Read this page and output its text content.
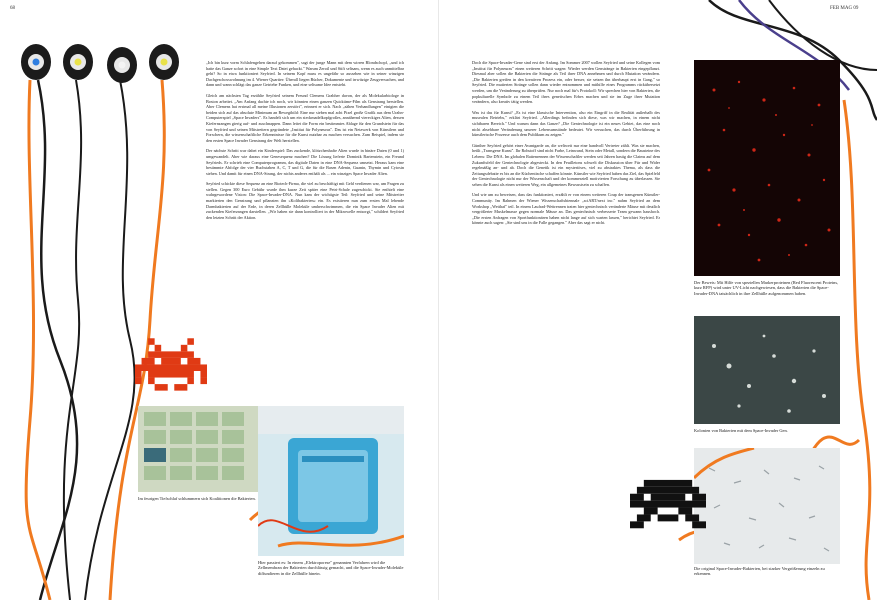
68
Im feurigen Tiefschlaf schlummern sich Koalitionen die Bakterien.
Hier passiert es: In einem „Elektroporese" genannten Verfahren wird die Zellmembran der Bakterien durchlässig gemacht, und die Space-Invader-Moleküle diffundieren in die Zellhülle hinein.

„Ich bin kurz vorm Schlafengehen darauf gekommen", sagt der junge Mann mit dem wirren Blondschopf, „und ich hatte das Ganze sofort in eine Simple Text Datei gehackt." Warum Zeroil und Stift seltsam, wenn es auch unmittelbar geht? So in etwa funktioniert Seyfried. In seinem Kopf muss es ungefähr so aussehen wie in seiner winzigen Dachgeschosswohnung im 4. Wiener Quartier: Überall liegen Bücher, Dokumente und irrwitzige Zeugversuchen, und dann und wann schlägt das ganze Getriebe Funken, und eine seltsame Idee entsteht.

Gleich am nächsten Tag erzählte Seyfried seinem Freund Clemens Grabher davon, der als Molekularbiologe in Boston arbeitet. „Am Anfang dachte ich noch, wir könnten einen ganzen Quicktime-Film als Genstrang herstellen. Aber Clemens hat erstmal all meine Illusionen zerstört", erinnert er sich. Nach „zähen Verhandlungen" einigten die beiden sich auf das absolute Minimum an Bewegtbild: Eine nur sieben mal acht Pixel große Grafik aus dem Urahn-Computerspiel „Space Invaders". Es handelt sich um ein steckmadelkopfgroßes, annähernd viereckiges Alien, dessen Kiefernzangen gierig auf- und zuschnappen. Dann leitet die Form ein bestimmtes Ablage für den Grundstein für das von Seyfried und seinen Mitstreitern gegründete „Institut für Polyneuras". Das ist ein Netzwerk von Künstlern und Forschern, die wissenschaftliche Erkenntnisse für die Kunst nutzbar zu machen versuchen. Zum Beispiel, indem sie den ersten Space Invader Genstrang der Welt herstellen.

Der nächste Schritt war dabei ein Kinderspiel: Das zuckende, klötzchenhafte Alien wurde in binäre Daten (0 und 1) umgewandelt. Aber wie daraus eine Genesequenz machen? Die Lösung lieferte Dominik Bartenstein, ein Freund Seyfrieds. Er schrieb eine Computerprogramm, das digitale Daten in eine DNA-Sequenz umsetzt. Heraus kam eine bestimmte Abfolge der vier Buchstaben A, C, T und G, die für die Basen Adenin, Guanin, Thymin und Cytosin stehen. Und damit für einen DNA-Strang, der nichts anderes enthält als ... ein winziges Space Invader Alien.

Seyfried schickte diese Sequenz an eine Biotech-Firma, die viel zu beschäftigt mit Geld verdienen war, um Fragen zu stellen. Gegen 300 Euro Gebühr wurde ihm kurze Zeit später eine Petri-Schale zugeschickt. Sie enthielt eine wahrgewordene Vision: Die Space-Invader-DNA. Nun kam der wichtigste Teil: Seyfried und seine Mitstreiter markierten den Genstrang und pflanzten ihn »Kolibakterien« ein. Es existieren nun zum ersten Mal lebende Darmbakterien auf der Erde, in deren Zellhülle Moleküle umherschwimmen, die ein Space Invader Alien mit zuckenden Kieferzangen darstellen. „Wir haben sie dann kontrolliert in der Mikrowelle entsorgt," schildert Seyfried den letzten Schritt der Aktion.

FEB MAG 09
Der Beweis: Mit Hilfe von speziellen Markerproteinen (Red Fluorescent Proteins, kurz RFP) wird unter UV-Licht nachgewiesen, dass die Bakterien die Space-Invader-DNA tatsächlich in ihre Zellhülle aufgenommen haben.
Kolonien von Bakterien mit dem Space-Invader Gen.
Die original Space-Invader-Bakterien, bei starker Vergrößerung einzeln zu erkennen.

Doch die Space-Invader-Gene sind erst der Anfang. Im Sommer 2007 wollen Seyfried und seine Kollegen vom „Institut für Polyneuras" einen weiteren Schritt wagen: Wieder werden Genstränge in Bakterien eingepflanzt. Diesmal aber sollen die Bakterien die Stränge als Teil ihrer DNA annehmen und durch Mutation verändern. „Die Bakterien greifen in den kreativen Prozess ein, oder besser, sie setzen ihn überhaupt erst in Gang," so Seyfried. Die mutierten Stränge sollen dann wieder entnommen und mithilfe eines Programms rückübersetzt werden, um die Veränderung zu überprüfen. Nur noch mal für's Protokoll: Wir sprechen hier von Bakterien, die popkulturelle Symbole zu einem Teil ihres genetischen Erbes machen und sie im Zuge ihrer Mutation verändern, also kreativ tätig werden.

Was ist das für Kunst? „Es ist eine klassische Intervention, also ein Eingriff in die Realität außerhalb des musealen Betriebs," erklärt Seyfried. „Allerdings befinden sich diese, was wir machen, in einem nicht sichtbaren Bereich." Und warum dann das Ganze? „Die Gentechnologie ist ein neues Gebiet, das eine noch nicht absehbare Veränderung unserer Lebensumstände bedeutet. Wir versuchen, das durch Überführung in künstlerische Prozesse auch dem Publikum zu zeigen."

Günther Seyfried gehört einer Avantgarde an, die weltweit nur eine handvoll Vertreter zählt. Was sie machen, heißt „Transgene Kunst". Ihr Rohstoff sind nicht Farbe, Leinwand, Stein oder Metall, sondern die Bausteine des Lebens: Die DNA. Im globalen Rattenrennen der Wissenschaftler werden seit Jahren hastig die Claims auf dem Zukunftsfeld der Gentechnologie abgesteckt. In den Feuilletons schwelt die Diskussion über Für und Wider regelmäßig an- und ab. Doch die Genetik ist ein mysteriöses, viel zu abstraktes Thema, als dass die Zeitungsdebatte es bis an die Küchentische schaffen könnte. Künstler wie Seyfried haben das Ziel, das Spielfeld der Gentechnologie nicht nur der Wissenschaft und der kommerziell motivierten Forschung zu überlassen. Sie sehen die Kunst als einen weiteren Weg, ein allgemeines Bewusstsein zu schaffen.

Und wie um zu beweisen, dass das funktioniert, erzählt er von einem weiteren Coup der transgenen Künstler-Community. Im Rahmen der Wiener Wissenschaftsbiennale „sciART/next inc." nahm Seyfried an dem Workshop „Wetthaf" teil. In einem Laufrad-Wettrennen traten hier gentechnisch veränderte Mäuse mit deutlich vergrößerter Muskelmasse gegen normale Mäuse an. Das gentechnisch verbesserte Team gewann haushoch. „Die ersten Anfragen von Sportfunktionären haben nicht lange auf sich warten lassen," berichtet Seyfried. Er könnte auch sagen: „Sie sind uns in die Falle gegangen." Aber das sagt er nicht.
